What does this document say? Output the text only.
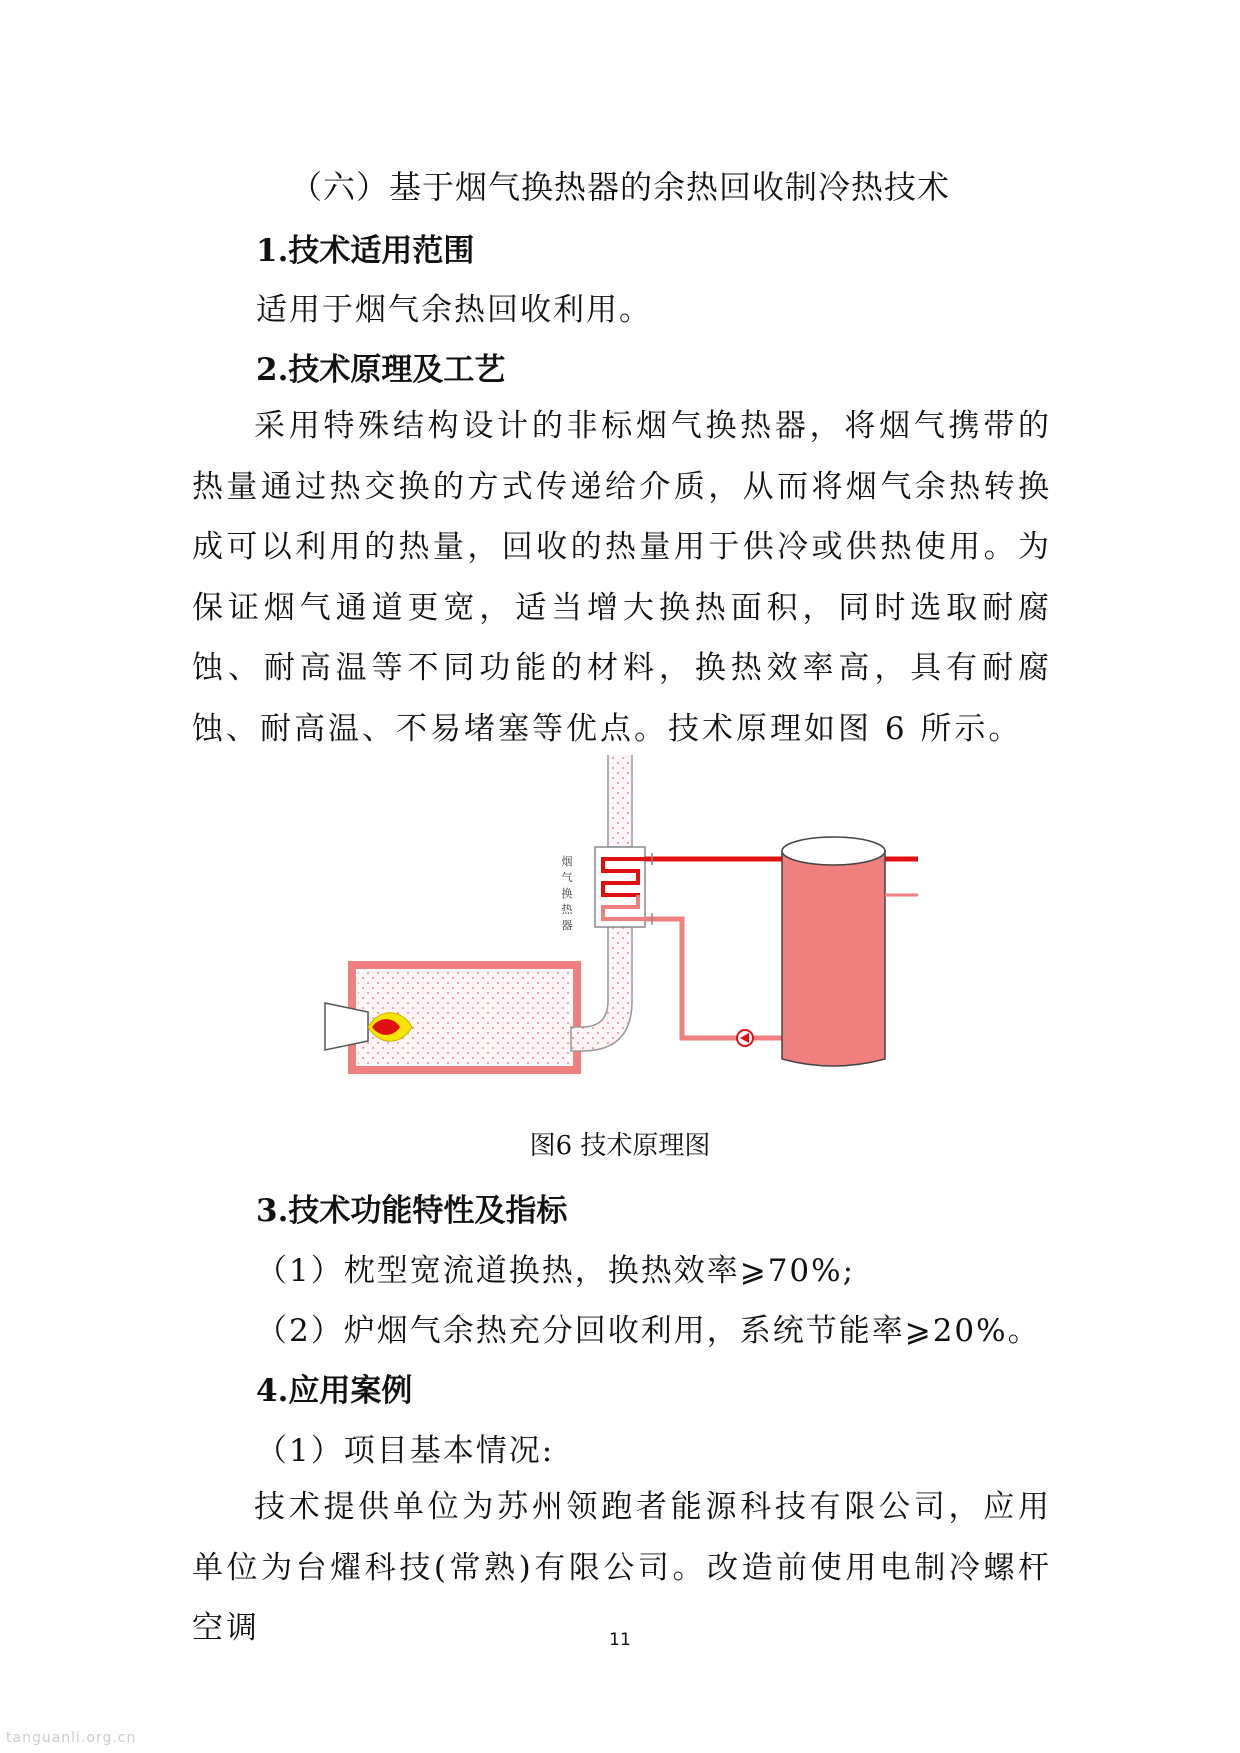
（六）基于烟气换热器的余热回收制冷热技术
1.技术适用范围
适用于烟气余热回收利用。
2.技术原理及工艺
采用特殊结构设计的非标烟气换热器，将烟气携带的热量通过热交换的方式传递给介质，从而将烟气余热转换成可以利用的热量，回收的热量用于供冷或供热使用。为保证烟气通道更宽，适当增大换热面积，同时选取耐腐蚀、耐高温等不同功能的材料，换热效率高，具有耐腐蚀、耐高温、不易堵塞等优点。技术原理如图 6 所示。
烟
气
换
热
器
图6 技术原理图
3.技术功能特性及指标
（1）枕型宽流道换热，换热效率⩾70%;
（2）炉烟气余热充分回收利用，系统节能率⩾20%。
4.应用案例
（1）项目基本情况:
技术提供单位为苏州领跑者能源科技有限公司，应用单位为台燿科技(常熟)有限公司。改造前使用电制冷螺杆空调	11
tanguanli.org.cn
